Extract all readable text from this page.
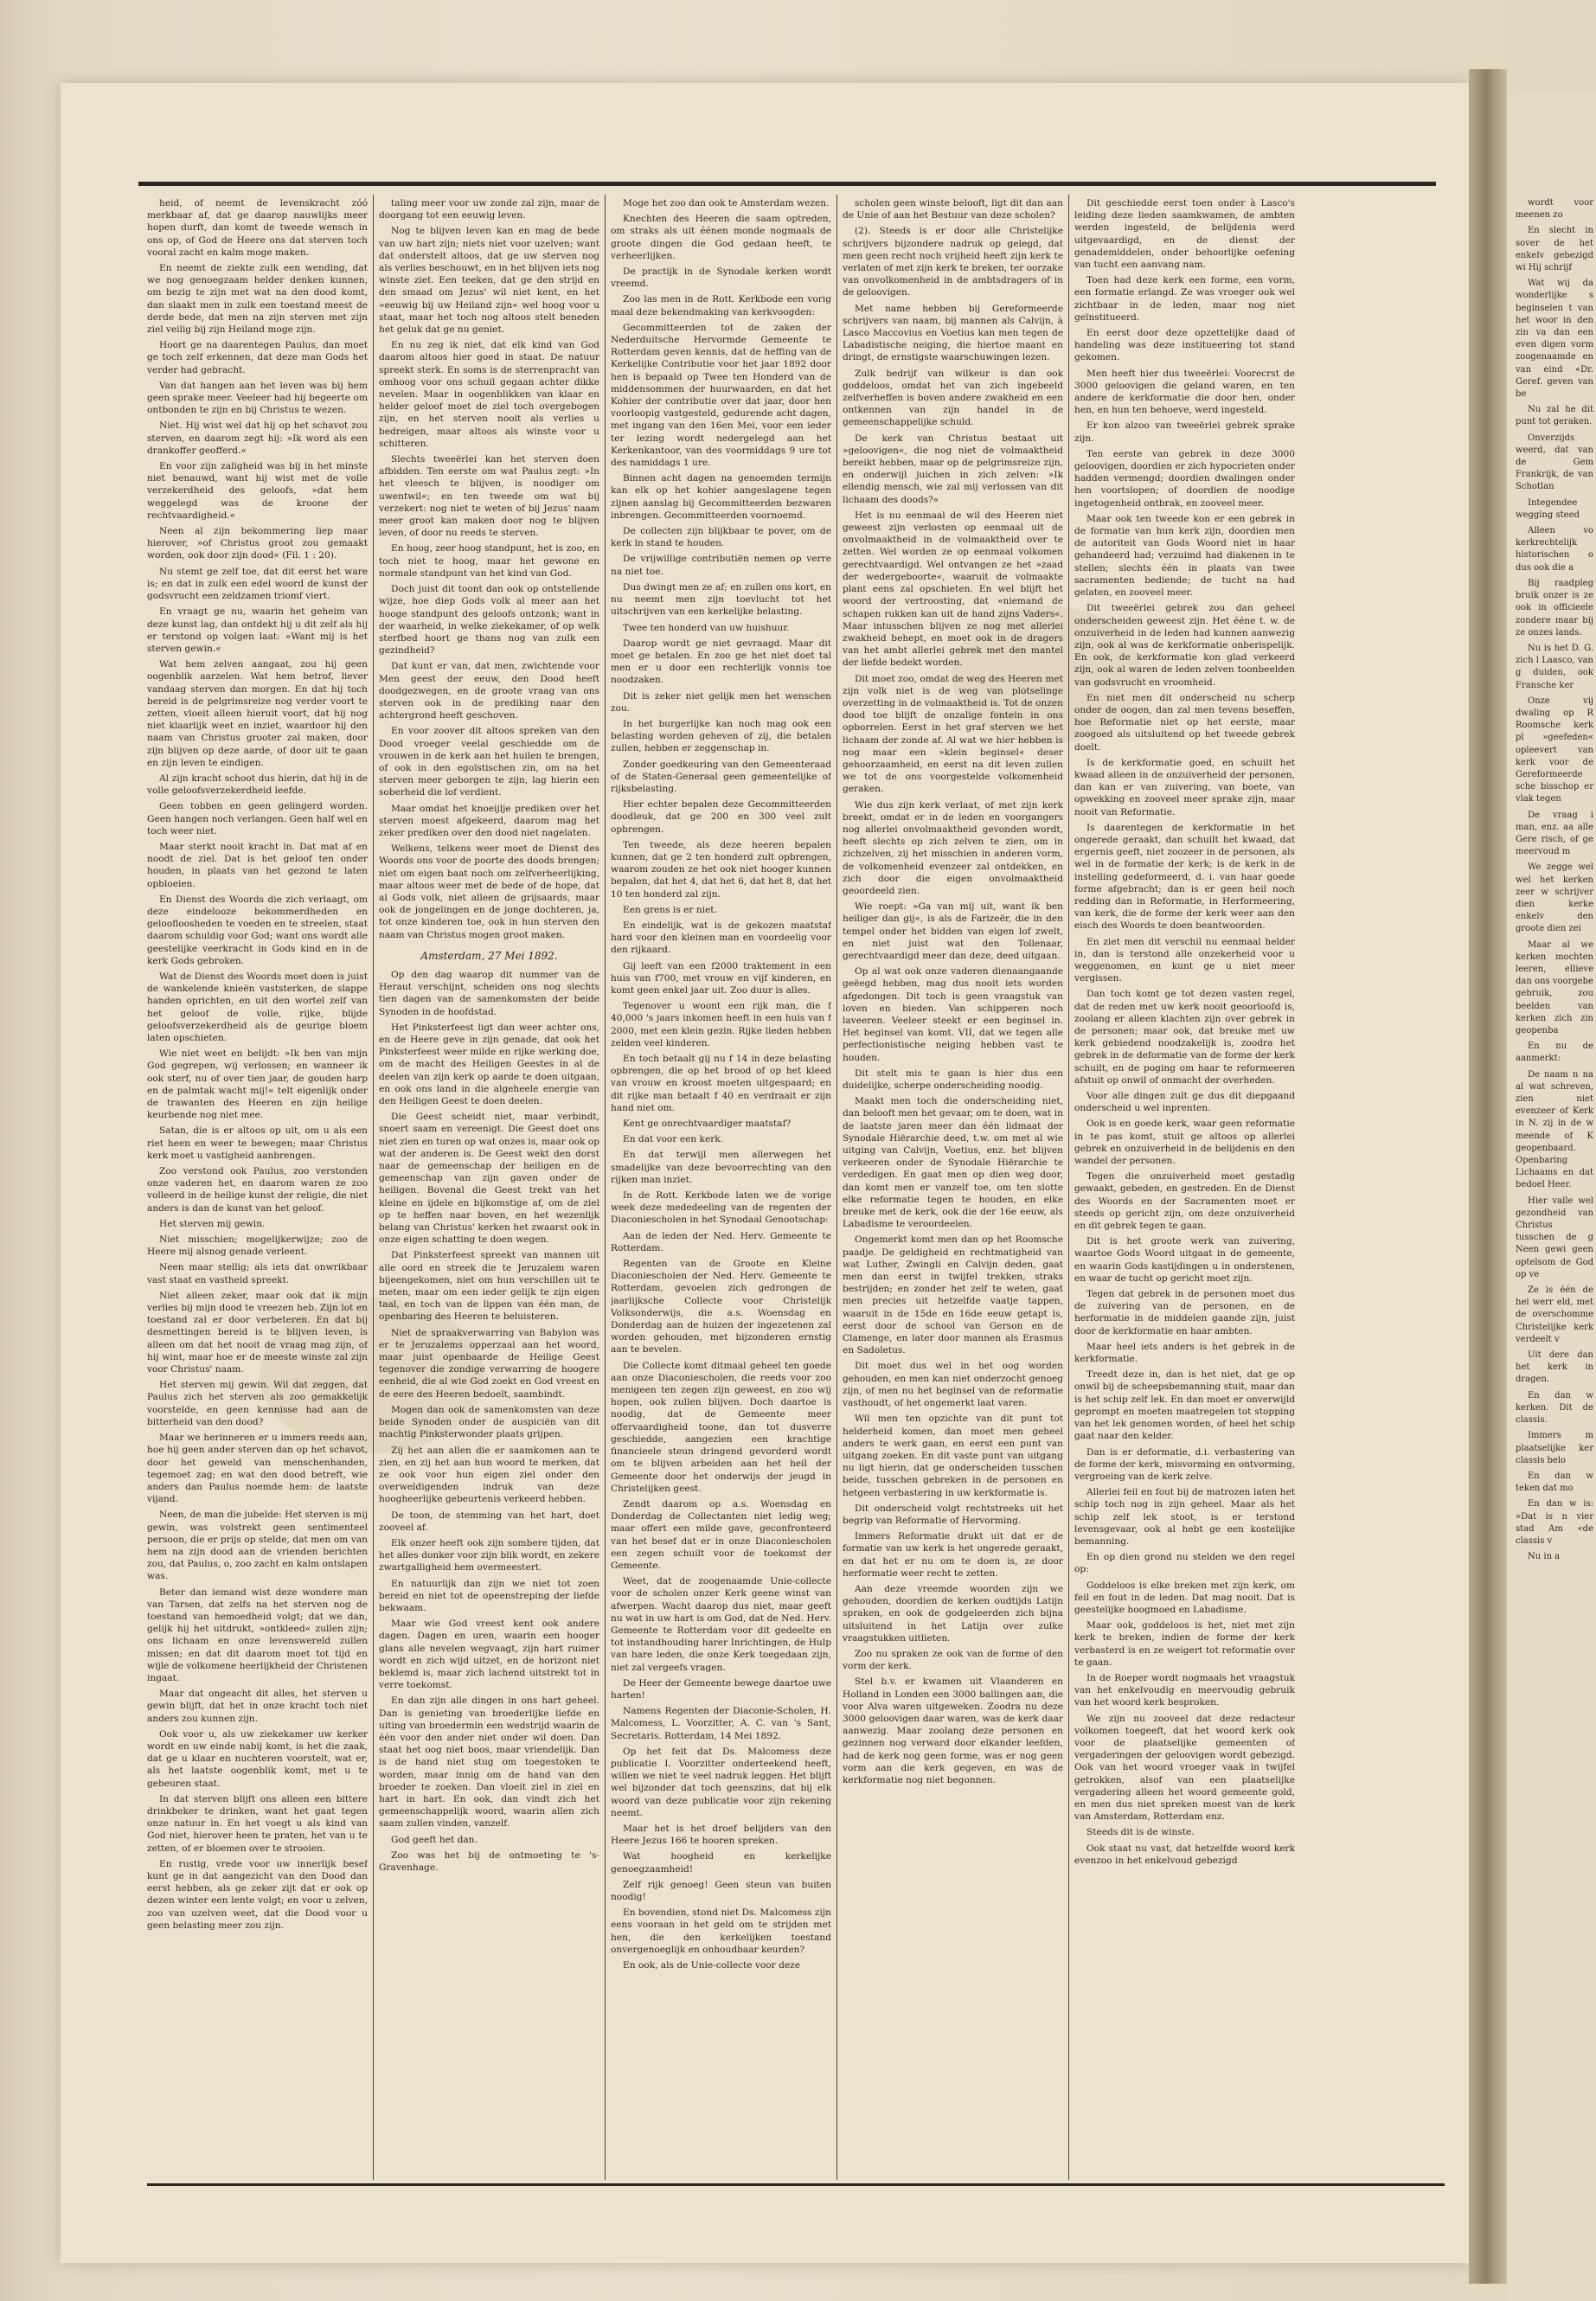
heid, of neemt de levenskracht zóó merkbaar af, dat ge daarop nauwlijks meer hopen durft, dan komt de tweede wensch in ons op, of God de Heere ons dat sterven toch vooral zacht en kalm moge maken.

En neemt de ziekte zulk een wending, dat we nog genoegzaam helder denken kunnen, om bezig te zijn met wat na den dood komt, dan slaakt men in zulk een toestand meest de derde bede, dat men na zijn sterven met zijn ziel veilig bij zijn Heiland moge zijn.

Hoort ge na daarentegen Paulus, dan moet ge toch zelf erkennen, dat deze man Gods het verder had gebracht.

Van dat hangen aan het leven was bij hem geen sprake meer. Veeleer had hij begeerte om ontbonden te zijn en bij Christus te wezen.

Niet. Hij wist wel dat hij op het schavot zou sterven, en daarom zegt hij: »Ik word als een drankoffer geofferd.«

En voor zijn zaligheid was bij in het minste niet benauwd, want hij wist met de volle verzekerdheid des geloofs, »dat hem weggelegd was de kroone der rechtvaardigheid.«

Neen al zijn bekommering liep maar hierover, »of Christus groot zou gemaakt worden, ook door zijn dood« (Fil. 1 : 20).

Nu stemt ge zelf toe, dat dit eerst het ware is; en dat in zulk een edel woord de kunst der godsvrucht een zeldzamen triomf viert.

En vraagt ge nu, waarin het geheim van deze kunst lag, dan ontdekt hij u dit zelf als hij er terstond op volgen laat: »Want mij is het sterven gewin.«

Wat hem zelven aangaat, zou hij geen oogenblik aarzelen. Wat hem betrof, liever vandaag sterven dan morgen. En dat hij toch bereid is de pelgrimsreize nog verder voort te zetten, vloeit alleen hieruit voort, dat hij nog niet klaarlijk weet en inziet, waardoor hij den naam van Christus grooter zal maken, door zijn blijven op deze aarde, of door uit te gaan en zijn leven te eindigen.

Al zijn kracht schoot dus hierin, dat hij in de volle geloofsverzekerdheid leefde.

Geen tobben en geen gelingerd worden. Geen hangen noch verlangen. Geen half wel en toch weer niet.

Maar sterkt nooit kracht in. Dat mat af en noodt de ziel. Dat is het geloof ten onder houden, in plaats van het gezond te laten opbloeien.

En Dienst des Woords die zich verlaagt, om deze eindelooze bekommerdheden en geloofloosheden te voeden en te streelen, staat daarom schuldig voor God; want ons wordt alle geestelijke veerkracht in Gods kind en in de kerk Gods gebroken.

Wat de Dienst des Woords moet doen is juist de wankelende knieën vaststerken, de slappe handen oprichten, en uit den wortel zelf van het geloof de volle, rijke, blijde geloofsverzekerdheid als de geurige bloem laten opschieten.

Wie niet weet en belijdt: »Ik ben van mijn God gegrepen, wij verlossen; en wanneer ik ook sterf, nu of over tien jaar, de gouden harp en de palmtak wacht mij!« telt eigenlijk onder de trawanten des Heeren en zijn heilige keurbende nog niet mee.

Satan, die is er altoos op uit, om u als een riet heen en weer te bewegen; maar Christus kerk moet u vastigheid aanbrengen.

Zoo verstond ook Paulus, zoo verstonden onze vaderen het, en daarom waren ze zoo volleerd in de heilige kunst der religie, die niet anders is dan de kunst van het geloof.

Het sterven mij gewin.

Niet misschien; mogelijkerwijze; zoo de Heere mij alsnog genade verleent.

Neen maar stellig; als iets dat onwrikbaar vast staat en vastheid spreekt.

Niet alleen zeker, maar ook dat ik mijn verlies bij mijn dood te vreezen heb. Zijn lot en toestand zal er door verbeteren. En dat bij desmettingen bereid is te blijven leven, is alleen om dat het nooit de vraag mag zijn, of hij wint, maar hoe er de meeste winste zal zijn voor Christus' naam.

Het sterven mij gewin. Wil dat zeggen, dat Paulus zich het sterven als zoo gemakkelijk voorstelde, en geen kennisse had aan de bitterheid van den dood?

Maar we herinneren er u immers reeds aan, hoe hij geen ander sterven dan op het schavot, door het geweld van menschenhanden, tegemoet zag; en wat den dood betreft, wie anders dan Paulus noemde hem: de laatste vijand.

Neen, de man die jubelde: Het sterven is mij gewin, was volstrekt geen sentimenteel persoon, die er prijs op stelde, dat men om van hem na zijn dood aan de vrienden berichten zou, dat Paulus, o, zoo zacht en kalm ontslapen was.

Beter dan iemand wist deze wondere man van Tarsen, dat zelfs na het sterven nog de toestand van hemoedheid volgt; dat we dan, gelijk hij het uitdrukt, »ontkleed« zullen zijn; ons lichaam en onze levenswereld zullen missen; en dat dit daarom moet tot tijd en wijle de volkomene heerlijkheid der Christenen ingaat.

Maar dat ongeacht dit alles, het sterven u gewin blijft, dat het in onze kracht toch niet anders zou kunnen zijn.

Ook voor u, als uw ziekekamer uw kerker wordt en uw einde nabij komt, is het die zaak, dat ge u klaar en nuchteren voorstelt, wat er, als het laatste oogenblik komt, met u te gebeuren staat.

In dat sterven blijft ons alleen een bittere drinkbeker te drinken, want het gaat tegen onze natuur in. En het voegt u als kind van God niet, hierover heen te praten, het van u te zetten, of er bloemen over te strooien.

En rustig, vrede voor uw innerlijk besef kunt ge in dat aangezicht van den Dood dan eerst hebben, als ge zeker zijt dat er ook op dezen winter een lente volgt; en voor u zelven, zoo van uzelven weet, dat die Dood voor u geen belasting meer zou zijn.

taling meer voor uw zonde zal zijn, maar de doorgang tot een eeuwig leven.

Nog te blijven leven kan en mag de bede van uw hart zijn; niets niet voor uzelven; want dat onderstelt altoos, dat ge uw sterven nog als verlies beschouwt, en in het blijven iets nog winste ziet. Een teeken, dat ge den strijd en den smaad om Jezus' wil niet kent, en het »eeuwig bij uw Heiland zijn« wel hoog voor u staat, maar het toch nog altoos stelt beneden het geluk dat ge nu geniet.

En nu zeg ik niet, dat elk kind van God daarom altoos hier goed in staat. De natuur spreekt sterk. En soms is de sterrenpracht van omhoog voor ons schuil gegaan achter dikke nevelen. Maar in oogenblikken van klaar en helder geloof moet de ziel toch overgebogen zijn, en het sterven nooit als verlies u bedreigen, maar altoos als winste voor u schitteren.

Slechts tweeërlei kan het sterven doen afbidden. Ten eerste om wat Paulus zegt: »In het vleesch te blijven, is noodiger om uwentwil«; en ten tweede om wat bij verzekert: nog niet te weten of bij Jezus' naam meer groot kan maken door nog te blijven leven, of door nu reeds te sterven.

En hoog, zeer hoog standpunt, het is zoo, en toch niet te hoog, maar het gewone en normale standpunt van het kind van God.

Doch juist dit toont dan ook op ontstellende wijze, hoe diep Gods volk al meer aan het hooge standpunt des geloofs ontzonk; want in der waarheid, in welke ziekekamer, of op welk sterfbed hoort ge thans nog van zulk een gezindheid?

Dat kunt er van, dat men, zwichtende voor Men geest der eeuw, den Dood heeft doodgezwegen, en de groote vraag van ons sterven ook in de prediking naar den achtergrond heeft geschoven.

En voor zoover dit altoos spreken van den Dood vroeger veelal geschiedde om de vrouwen in de kerk aan het huilen te brengen, of ook in den egoïstischen zin, om na het sterven meer geborgen te zijn, lag hierin een soberheid die lof verdient.

Maar omdat het knoeijlje prediken over het sterven moest afgekeerd, daarom mag het zeker prediken over den dood niet nagelaten.

Welkens, telkens weer moet de Dienst des Woords ons voor de poorte des doods brengen; niet om eigen baat noch om zelfverheerlijking, maar altoos weer met de bede of de hope, dat al Gods volk, niet alleen de grijsaards, maar ook de jongelingen en de jonge dochteren, ja, tot onze kinderen toe, ook in hun sterven den naam van Christus mogen groot maken.

Amsterdam, 27 Mei 1892.

Op den dag waarop dit nummer van de Heraut verschijnt, scheiden ons nog slechts tien dagen van de samenkomsten der beide Synoden in de hoofdstad.

Het Pinksterfeest ligt dan weer achter ons, en de Heere geve in zijn genade, dat ook het Pinksterfeest weer milde en rijke werking doe, om de macht des Heiligen Geestes in al de deelen van zijn kerk op aarde te doen uitgaan, en ook ons land in die algeheele energie van den Heiligen Geest te doen deelen.

Die Geest scheidt niet, maar verbindt, snoert saam en vereenigt. Die Geest doet ons niet zien en turen op wat onzes is, maar ook op wat der anderen is. De Geest wekt den dorst naar de gemeenschap der heiligen en de gemeenschap van zijn gaven onder de heiligen. Bovenal die Geest trekt van het kleine en ijdele en bijkomstige af, om de ziel op te heffen naar boven, en het wezenlijk belang van Christus' kerken het zwaarst ook in onze eigen schatting te doen wegen.

Dat Pinksterfeest spreekt van mannen uit alle oord en streek die te Jeruzalem waren bijeengekomen, niet om hun verschillen uit te meten, maar om een ieder gelijk te zijn eigen taal, en toch van de lippen van één man, de openbaring des Heeren te beluisteren.

Niet de spraakverwarring van Babylon was er te Jeruzalems opperzaal aan het woord, maar juist openbaarde de Heilige Geest tegenover die zondige verwarring de hoogere eenheid, die al wie God zoekt en God vreest en de eere des Heeren bedoelt, saambindt.

Mogen dan ook de samenkomsten van deze beide Synoden onder de auspiciën van dit machtig Pinksterwonder plaats grijpen.

Zij het aan allen die er saamkomen aan te zien, en zij het aan hun woord te merken, dat ze ook voor hun eigen ziel onder den overweldigenden indruk van deze hoogheerlijke gebeurtenis verkeerd hebben.

De toon, de stemming van het hart, doet zooveel af.

Elk onzer heeft ook zijn sombere tijden, dat het alles donker voor zijn blik wordt, en zekere zwartgalligheid hem overmeestert.

En natuurlijk dan zijn we niet tot zoen bereid en niet tot de opeenstreping der liefde bekwaam.

Maar wie God vreest kent ook andere dagen. Dagen en uren, waarin een hooger glans alle nevelen wegvaagt, zijn hart ruimer wordt en zich wijd uitzet, en de horizont niet beklemd is, maar zich lachend uitstrekt tot in verre toekomst.

En dan zijn alle dingen in ons hart geheel. Dan is genieting van broederlijke liefde en uiting van broedermin een wedstrijd waarin de één voor den ander niet onder wil doen. Dan staat het oog niet boos, maar vriendelijk. Dan is de hand niet stug om toegestoken te worden, maar innig om de hand van den broeder te zoeken. Dan vloeit ziel in ziel en hart in hart. En ook, dan vindt zich het gemeenschappelijk woord, waarin allen zich saam zullen vinden, vanzelf.

God geeft het dan.

Zoo was het bij de ontmoeting te 's-Gravenhage.

Moge het zoo dan ook te Amsterdam wezen.

Knechten des Heeren die saam optreden, om straks als uit éénen monde nogmaals de groote dingen die God gedaan heeft, te verheerlijken.

De practijk in de Synodale kerken wordt vreemd.

Zoo las men in de Rott. Kerkbode een vorig maal deze bekendmaking van kerkvoogden:

Gecommitteerden tot de zaken der Nederduitsche Hervormde Gemeente te Rotterdam geven kennis, dat de heffing van de Kerkelijke Contributie voor het jaar 1892 door hen is bepaald op Twee ten Honderd van de middensommen der huurwaarden, en dat het Kohier der contributie over dat jaar, door hen voorloopig vastgesteld, gedurende acht dagen, met ingang van den 16en Mei, voor een ieder ter lezing wordt nedergelegd aan het Kerkenkantoor, van des voormiddags 9 ure tot des namiddags 1 ure.

Binnen acht dagen na genoemden termijn kan elk op het kohier aangeslagene tegen zijnen aanslag bij Gecommitteerden bezwaren inbrengen. Gecommitteerden voornoemd.

De collecten zijn blijkbaar te pover, om de kerk in stand te houden.

De vrijwillige contributiën nemen op verre na niet toe.

Dus dwingt men ze af; en zullen ons kort, en nu neemt men zijn toevlucht tot het uitschrijven van een kerkelijke belasting.

Twee ten honderd van uw huishuur.

Daarop wordt ge niet gevraagd. Maar dit moet ge betalen. En zoo ge het niet doet tal men er u door een rechterlijk vonnis toe noodzaken.

Dit is zeker niet gelijk men het wenschen zou.

In het burgerlijke kan noch mag ook een belasting worden geheven of zij, die betalen zullen, hebben er zeggenschap in.

Zonder goedkeuring van den Gemeenteraad of de Staten-Generaal geen gemeentelijke of rijksbelasting.

Hier echter bepalen deze Gecommitteerden doodleuk, dat ge 200 en 300 veel zult opbrengen.

Ten tweede, als deze heeren bepalen kunnen, dat ge 2 ten honderd zult opbrengen, waarom zouden ze het ook niet hooger kunnen bepalen, dat het 4, dat het 6, dat het 8, dat het 10 ten honderd zal zijn.

Een grens is er niet.

En eindelijk, wat is de gekozen maatstaf hard voor den kleinen man en voordeelig voor den rijkaard.

Gij leeft van een f2000 traktement in een huis van f700, met vrouw en vijf kinderen, en komt geen enkel jaar uit. Zoo duur is alles.

Tegenover u woont een rijk man, die f 40,000 's jaars inkomen heeft in een huis van f 2000, met een klein gezin. Rijke lieden hebben zelden veel kinderen.

En toch betaalt gij nu f 14 in deze belasting opbrengen, die op het brood of op het kleed van vrouw en kroost moeten uitgespaard; en dit rijke man betaalt f 40 en verdraait er zijn hand niet om.

Kent ge onrechtvaardiger maatstaf?

En dat voor een kerk.

En dat terwijl men allerwegen het smadelijke van deze bevoorrechting van den rijken man inziet.

In de Rott. Kerkbode laten we de vorige week deze mededeeling van de regenten der Diaconiescholen in het Synodaal Genootschap:

Aan de leden der Ned. Herv. Gemeente te Rotterdam.

Regenten van de Groote en Kleine Diaconiescholen der Ned. Herv. Gemeente te Rotterdam, gevoelen zich gedrongen de jaarlijksche Collecte voor Christelijk Volksonderwijs, die a.s. Woensdag en Donderdag aan de huizen der ingezetenen zal worden gehouden, met bijzonderen ernstig aan te bevelen.

Die Collecte komt ditmaal geheel ten goede aan onze Diaconiescholen, die reeds voor zoo menigeen ten zegen zijn geweest, en zoo wij hopen, ook zullen blijven. Doch daartoe is noodig, dat de Gemeente meer offervaardigheid toone, dan tot dusverre geschiedde, aangezien een krachtige financieele steun dringend gevorderd wordt om te blijven arbeiden aan het heil der Gemeente door het onderwijs der jeugd in Christelijken geest.

Zendt daarom op a.s. Woensdag en Donderdag de Collectanten niet ledig weg; maar offert een milde gave, geconfronteerd van het besef dat er in onze Diaconiescholen een zegen schuilt voor de toekomst der Gemeente.

Weet, dat de zoogenaamde Unie-collecte voor de scholen onzer Kerk geene winst van afwerpen. Wacht daarop dus niet, maar geeft nu wat in uw hart is om God, dat de Ned. Herv. Gemeente te Rotterdam voor dit gedeelte en tot instandhouding harer Inrichtingen, de Hulp van hare leden, die onze Kerk toegedaan zijn, niet zal vergeefs vragen.

De Heer der Gemeente bewege daartoe uwe harten!

Namens Regenten der Diaconie-Scholen, H. Malcomess, L. Voorzitter, A. C. van 's Sant, Secretaris. Rotterdam, 14 Mei 1892.

Op het feit dat Ds. Malcomess deze publicatie I. Voorzitter onderteekend heeft, willen we niet te veel nadruk leggen. Het blijft wel bijzonder dat toch geenszins, dat bij elk woord van deze publicatie voor zijn rekening neemt.

Maar het is het droef belijders van den Heere Jezus 166 te hooren spreken.

Wat hoogheid en kerkelijke genoegzaamheid!

Zelf rijk genoeg! Geen steun van buiten noodig!

En bovendien, stond niet Ds. Malcomess zijn eens vooraan in het geld om te strijden met hen, die den kerkelijken toestand onvergenoeglijk en onhoudbaar keurden?

En ook, als de Unie-collecte voor deze

scholen geen winste belooft, ligt dit dan aan de Unie of aan het Bestuur van deze scholen?

(2). Steeds is er door alle Christelijke schrijvers bijzondere nadruk op gelegd, dat men geen recht noch vrijheid heeft zijn kerk te verlaten of met zijn kerk te breken, ter oorzake van onvolkomenheid in de ambtsdragers of in de geloovigen.

Met name hebben bij Gereformeerde schrijvers van naam, bij mannen als Calvijn, à Lasco Maccovius en Voetius kan men tegen de Labadistische neiging, die hiertoe maant en dringt, de ernstigste waarschuwingen lezen.

Zulk bedrijf van wilkeur is dan ook goddeloos, omdat het van zich ingebeeld zelfverheffen is boven andere zwakheid en een ontkennen van zijn handel in de gemeenschappelijke schuld.

De kerk van Christus bestaat uit »geloovigen«, die nog niet de volmaaktheid bereikt hebben, maar op de pelgrimsreize zijn, en onderwijl juichen in zich zelven: »Ik ellendig mensch, wie zal mij verlossen van dit lichaam des doods?«

Het is nu eenmaal de wil des Heeren niet geweest zijn verlosten op eenmaal uit de onvolmaaktheid in de volmaaktheid over te zetten. Wel worden ze op eenmaal volkomen gerechtvaardigd. Wel ontvangen ze het »zaad der wedergeboorte«, waaruit de volmaakte plant eens zal opschieten. En wel blijft het woord der vertroosting, dat »niemand de schapen rukken kan uit de hand zijns Vaders«. Maar intusschen blijven ze nog met allerlei zwakheid behept, en moet ook in de dragers van het ambt allerlei gebrek met den mantel der liefde bedekt worden.

Dit moet zoo, omdat de weg des Heeren met zijn volk niet is de weg van plotselinge overzetting in de volmaaktheid is. Tot de onzen dood toe blijft de onzalige fontein in ons opborrelen. Eerst in het graf sterven we het lichaam der zonde af. Al wat we hier hebben is nog maar een »klein beginsel« deser gehoorzaamheid, en eerst na dit leven zullen we tot de ons voorgestelde volkomenheid geraken.

Wie dus zijn kerk verlaat, of met zijn kerk breekt, omdat er in de leden en voorgangers nog allerlei onvolmaaktheid gevonden wordt, heeft slechts op zich zelven te zien, om in zichzelven, zij het misschien in anderen vorm, de volkomenheid evenzeer zal ontdekken, en zich door die eigen onvolmaaktheid geoordeeld zien.

Wie roept: »Ga van mij uit, want ik ben heiliger dan gij«, is als de Farizeër, die in den tempel onder het bidden van eigen lof zwelt, en niet juist wat den Tollenaar, gerechtvaardigd meer dan deze, deed uitgaan.

Op al wat ook onze vaderen dienaangaande geëegd hebben, mag dus nooit iets worden afgedongen. Dit toch is geen vraagstuk van loven en bieden. Van schipperen noch laveeren. Veeleer steekt er een beginsel in. Het beginsel van komt. VII, dat we tegen alle perfectionistische neiging hebben vast te houden.

Dit stelt mis te gaan is hier dus een duidelijke, scherpe onderscheiding noodig.

Maakt men toch die onderscheiding niet, dan belooft men het gevaar, om te doen, wat in de laatste jaren meer dan één lidmaat der Synodale Hiërarchie deed, t.w. om met al wie uitging van Calvijn, Voetius, enz. het blijven verkeeren onder de Synodale Hiërarchie te verdedigen. En gaat men op dien weg door, dan komt men er vanzelf toe, om ten slotte elke reformatie tegen te houden, en elke breuke met de kerk, ook die der 16e eeuw, als Labadisme te veroordeelen.

Ongemerkt komt men dan op het Roomsche paadje. De geldigheid en rechtmatigheid van wat Luther, Zwingli en Calvijn deden, gaat men dan eerst in twijfel trekken, straks bestrijden; en zonder het zelf te weten, gaat men precies uit hetzelfde vaatje tappen, waaruit in de 15de en 16de eeuw getapt is, eerst door de school van Gerson en de Clamenge, en later door mannen als Erasmus en Sadoletus.

Dit moet dus wel in het oog worden gehouden, en men kan niet onderzocht genoeg zijn, of men nu het beginsel van de reformatie vasthoudt, of het ongemerkt laat varen.

Wil men ten opzichte van dit punt tot helderheid komen, dan moet men geheel anders te werk gaan, en eerst een punt van uitgang zoeken. En dit vaste punt van uitgang nu ligt hierin, dat ge onderscheiden tusschen beide, tusschen gebreken in de personen en hetgeen verbastering in uw kerkformatie is.

Dit onderscheid volgt rechtstreeks uit het begrip van Reformatie of Hervorming.

Immers Reformatie drukt uit dat er de formatie van uw kerk is het ongerede geraakt, en dat het er nu om te doen is, ze door herformatie weer recht te zetten.

Aan deze vreemde woorden zijn we gehouden, doordien de kerken oudtijds Latijn spraken, en ook de godgeleerden zich bijna uitsluitend in het Latijn over zulke vraagstukken uitlieten.

Zoo nu spraken ze ook van de forme of den vorm der kerk.

Stel b.v. er kwamen uit Vlaanderen en Holland in Londen een 3000 ballingen aan, die voor Alva waren uitgeweken. Zoodra nu deze 3000 geloovigen daar waren, was de kerk daar aanwezig. Maar zoolang deze personen en gezinnen nog verward door elkander leefden, had de kerk nog geen forme, was er nog geen vorm aan die kerk gegeven, en was de kerkformatie nog niet begonnen.

Dit geschiedde eerst toen onder à Lasco's leiding deze lieden saamkwamen, de ambten werden ingesteld, de belijdenis werd uitgevaardigd, en de dienst der genademiddelen, onder behoorlijke oefening van tucht een aanvang nam.

Toen had deze kerk een forme, een vorm, een formatie erlangd. Ze was vroeger ook wel zichtbaar in de leden, maar nog niet geïnstitueerd.

En eerst door deze opzettelijke daad of handeling was deze institueering tot stand gekomen.

Men heeft hier dus tweeërlei: Voorecrst de 3000 geloovigen die geland waren, en ten andere de kerkformatie die door hen, onder hen, en hun ten behoeve, werd ingesteld.

Er kon alzoo van tweeërlei gebrek sprake zijn.

Ten eerste van gebrek in deze 3000 geloovigen, doordien er zich hypocrieten onder hadden vermengd; doordien dwalingen onder hen voortslopen; of doordien de noodige ingetogenheid ontbrak, en zooveel meer.

Maar ook ten tweede kon er een gebrek in de formatie van hun kerk zijn, doordien men de autoriteit van Gods Woord niet in haar gehandeerd had; verzuimd had diakenen in te stellen; slechts één in plaats van twee sacramenten bediende; de tucht na had gelaten, en zooveel meer.

Dit tweeërlei gebrek zou dan geheel onderscheiden geweest zijn. Het ééne t. w. de onzuiverheid in de leden had kunnen aanwezig zijn, ook al was de kerkformatie onberispelijk. En ook, de kerkformatie kon glad verkeerd zijn, ook al waren de leden zelven toonbeelden van godsvrucht en vroomheid.

En niet men dit onderscheid nu scherp onder de oogen, dan zal men tevens beseffen, hoe Reformatie niet op het eerste, maar zoogoed als uitsluitend op het tweede gebrek doelt.

Is de kerkformatie goed, en schuilt het kwaad alleen in de onzuiverheid der personen, dan kan er van zuivering, van boete, van opwekking en zooveel meer sprake zijn, maar nooit van Reformatie.

Is daarentegen de kerkformatie in het ongerede geraakt, dan schuilt het kwaad, dat ergernis geeft, niet zoozeer in de personen, als wel in de formatie der kerk; is de kerk in de instelling gedeformeerd, d. i. van haar goede forme afgebracht; dan is er geen heil noch redding dan in Reformatie, in Herformeering, van kerk, die de forme der kerk weer aan den eisch des Woords te doen beantwoorden.

En ziet men dit verschil nu eenmaal helder in, dan is terstond alle onzekerheid voor u weggenomen, en kunt ge u niet meer vergissen.

Dan toch komt ge tot dezen vasten regel, dat de reden met uw kerk nooit geoorloofd is, zoolang er alleen klachten zijn over gebrek in de personen; maar ook, dat breuke met uw kerk gebiedend noodzakelijk is, zoodra het gebrek in de deformatie van de forme der kerk schuilt, en de poging om haar te reformeeren afstuit op onwil of onmacht der overheden.

Voor alle dingen zult ge dus dit diepgaand onderscheid u wel inprenten.

Ook is en goede kerk, waar geen reformatie in te pas komt, stuit ge altoos op allerlei gebrek en onzuiverheid in de belijdenis en den wandel der personen.

Tegen die onzuiverheid moet gestadig gewaakt, gebeden, en gestreden. En de Dienst des Woords en der Sacramenten moet er steeds op gericht zijn, om deze onzuiverheid en dit gebrek tegen te gaan.

Dit is het groote werk van zuivering, waartoe Gods Woord uitgaat in de gemeente, en waarin Gods kastijdingen u in onderstenen, en waar de tucht op gericht moet zijn.

Tegen dat gebrek in de personen moet dus de zuivering van de personen, en de herformatie in de middelen gaande zijn, juist door de kerkformatie en haar ambten.

Maar heel iets anders is het gebrek in de kerkformatie.

Treedt deze in, dan is het niet, dat ge op onwil bij de scheepsbemanning stuit, maar dan is het schip zelf lek. En dan moet er onverwijld geprompt en moeten maatregelen tot stopping van het lek genomen worden, of heel het schip gaat naar den kelder.

Dan is er deformatie, d.i. verbastering van de forme der kerk, misvorming en ontvorming, vergroeing van de kerk zelve.

Allerlei feil en fout bij de matrozen laten het schip toch nog in zijn geheel. Maar als het schip zelf lek stoot, is er terstond levensgevaar, ook al hebt ge een kostelijke bemanning.

En op dien grond nu stelden we den regel op:

Goddeloos is elke breken met zijn kerk, om feil en fout in de leden. Dat mag nooit. Dat is geestelijke hoogmoed en Labadisme.

Maar ook, goddeloos is het, niet met zijn kerk te breken, indien de forme der kerk verbasterd is en ze weigert tot reformatie over te gaan.

In de Roeper wordt nogmaals het vraagstuk van het enkelvoudig en meervoudig gebruik van het woord kerk besproken.

We zijn nu zooveel dat deze redacteur volkomen toegeeft, dat het woord kerk ook voor de plaatselijke gemeenten of vergaderingen der geloovigen wordt gebezigd. Ook van het woord vroeger vaak in twijfel getrokken, alsof van een plaatselijke vergadering alleen het woord gemeente gold, en men dus niet spreken moest van de kerk van Amsterdam, Rotterdam enz.

Steeds dit is de winste.

Ook staat nu vast, dat hetzelfde woord kerk evenzoo in het enkelvoud gebezigd

wordt voor meenen zo

En slecht in sover de het enkelv gebezigd wi Hij schrijf

Wat wij da wonderlijke s beginselen t van het woor in den zin va dan een even digen vorm zoogenaamde en van eind «Dr. Geref. geven van be

Nu zal he dit punt tot geraken.

Onverzijds weerd, dat van de Gem Frankrijk, de van Schotlan

Integendee wegging steed

Alleen vo kerkrechtelijk historischen o dus ook die a

Bij raadpleg bruik onzer is ze ook in officieele zondere maar bij ze onzes lands.

Nu is het D. G. zich l Laasco, van g duiden, ook Fransche ker

Onze vij dwaling op R Roomsche kerk pl »geefeden« opleevert van kerk voor de Gereformeerde sche bisschop er vlak tegen

De vraag i man, enz. aa alle Gere risch, of ge meervoud m

We zegge wel wel het kerken zeer w schrijver dien kerke enkelv den groote dien zei

Maar al we kerken mochten leeren, ellieve dan ons voorgebe gebruik, zou beelden van kerken zich zin geopenba

En nu de aanmerkt:

De naam n na al wat schreven, zien niet evenzeer of Kerk in N. zij in de w meende of K geopenbaard. Openbaring Lichaams en dat bedoel Heer.

Hier valle wel gezondheid van Christus tusschen de g Neen gewi geen optelsom de God op ve

Ze is één de hei werr eld, met de overschomme Christelijke kerk verdeelt v

Uit dere dan het kerk in dragen.

En dan w kerken. Dit de classis.

Immers m plaatselijke ker classis belo

En dan w teken dat mo

En dan w is: »Dat is n vier stad Am «de classis v

Nu in a
